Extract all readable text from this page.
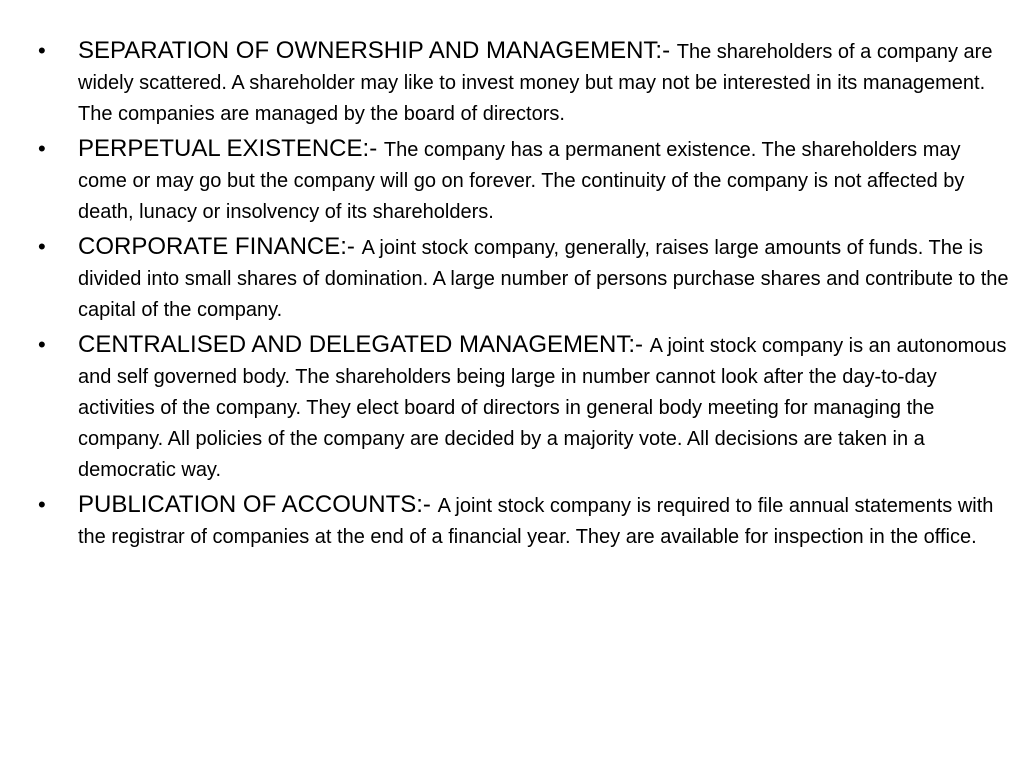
• SEPARATION OF OWNERSHIP AND MANAGEMENT:- The shareholders of a company are widely scattered. A shareholder may like to invest money but may not be interested in its management. The companies are managed by the board of directors.
• PERPETUAL EXISTENCE:- The company has a permanent existence. The shareholders may come or may go but the company will go on forever. The continuity of the company is not affected by death, lunacy or insolvency of its shareholders.
• CORPORATE FINANCE:- A joint stock company, generally, raises large amounts of funds. The is divided into small shares of domination. A large number of persons purchase shares and contribute to the capital of the company.
• CENTRALISED AND DELEGATED MANAGEMENT:- A joint stock company is an autonomous and self governed body. The shareholders being large in number cannot look after the day-to-day activities of the company. They elect board of directors in general body meeting for managing the company. All policies of the company are decided by a majority vote. All decisions are taken in a democratic way.
• PUBLICATION OF ACCOUNTS:- A joint stock company is required to file annual statements with the registrar of companies at the end of a financial year. They are available for inspection in the office.
